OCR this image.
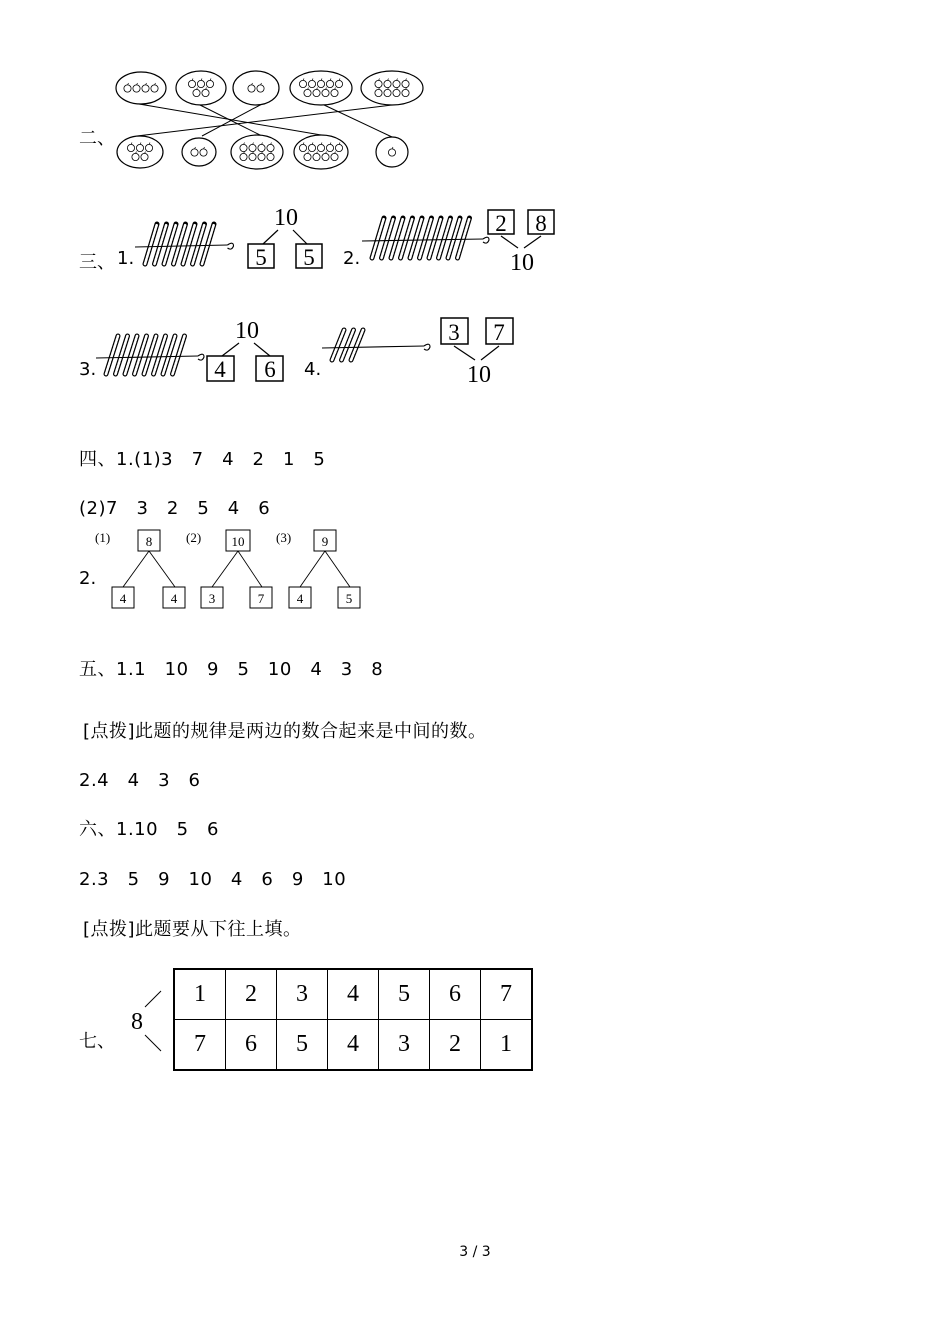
二、
三、 1.	2.
3.	4.
10
5 5
2 8
10
10
4 6
3 7
10
四、1.(1)3　7　4　2　1　5
(2)7　3　2　5　4　6
2.
(1)	8
4	4
(2) 10
3	7
(3) 9
4	5
五、1.1　10　9　5　10　4　3　8
[点拨]此题的规律是两边的数合起来是中间的数。
2.4　4　3　6
六、1.10　5　6
2.3　5　9　10　4　6　9　10
[点拨]此题要从下往上填。
七、
8
1	2	3	4	5	6	7
7	6	5	4	3	2	1
3 / 3
